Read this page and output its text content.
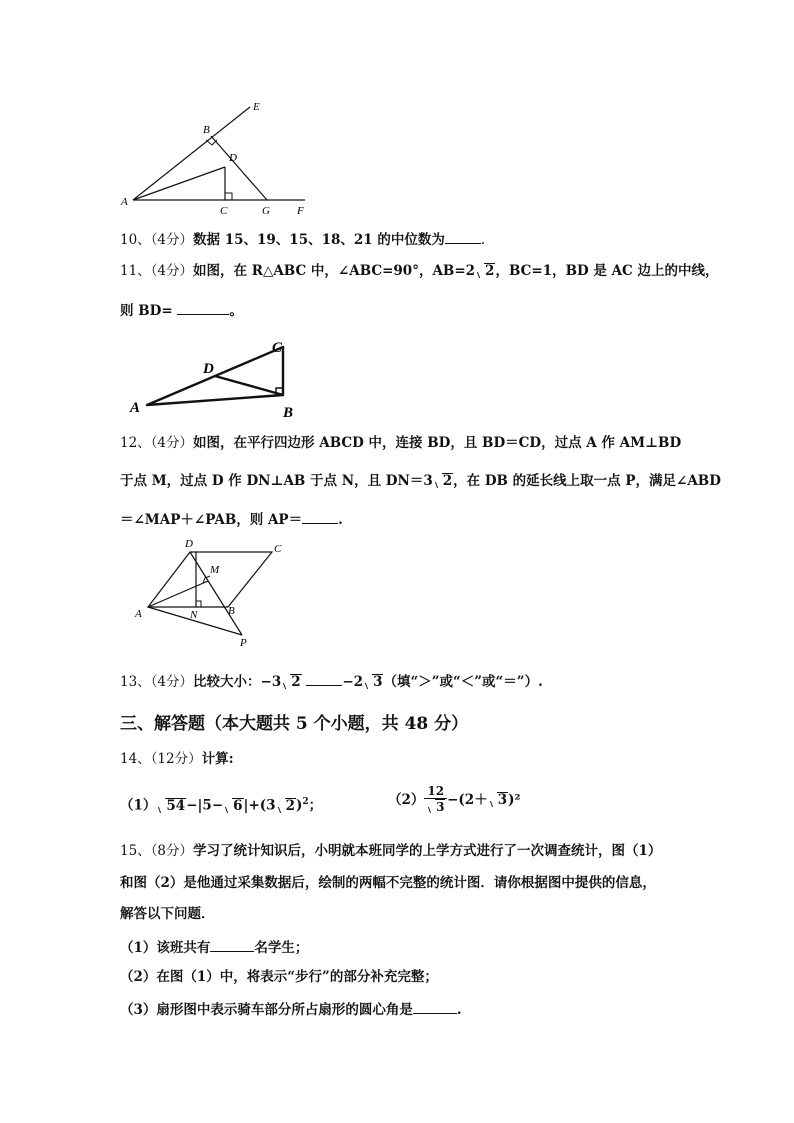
E
B
D
A
C	G F
10、（4分）数据 15、19、15、18、21 的中位数为	.
11、（4分）如图，在 R△ABC 中，∠ABC=90°，AB=2 2，BC=1，BD 是 AC 边上的中线，
则 BD=	。
C
D
A	B
12、（4分）如图，在平行四边形 ABCD 中，连接 BD，且 BD＝CD，过点 A 作 AM⊥BD
于点 M，过点 D 作 DN⊥AB 于点 N，且 DN＝3 2，在 DB 的延长线上取一点 P，满足∠ABD
＝∠MAP＋∠PAB，则 AP＝	.
D	C
M
A	N	B
P
13、（4分）比较大小：−3 2	−2 3（填“＞”或“＜”或“＝”）.
三、解答题（本大题共 5 个小题，共 48 分）
14、（12分）计算:
（1） 54−|5− 6|+(3 2)$^2$；	$(2) \frac{12}{3} -(2+ 3$ )²
15、（8分）学习了统计知识后，小明就本班同学的上学方式进行了一次调查统计，图（1）
和图（2）是他通过采集数据后，绘制的两幅不完整的统计图．请你根据图中提供的信息，
解答以下问题．
（1）该班共有	名学生；
（2）在图（1）中，将表示“步行”的部分补充完整；
（3）扇形图中表示骑车部分所占扇形的圆心角是	.
